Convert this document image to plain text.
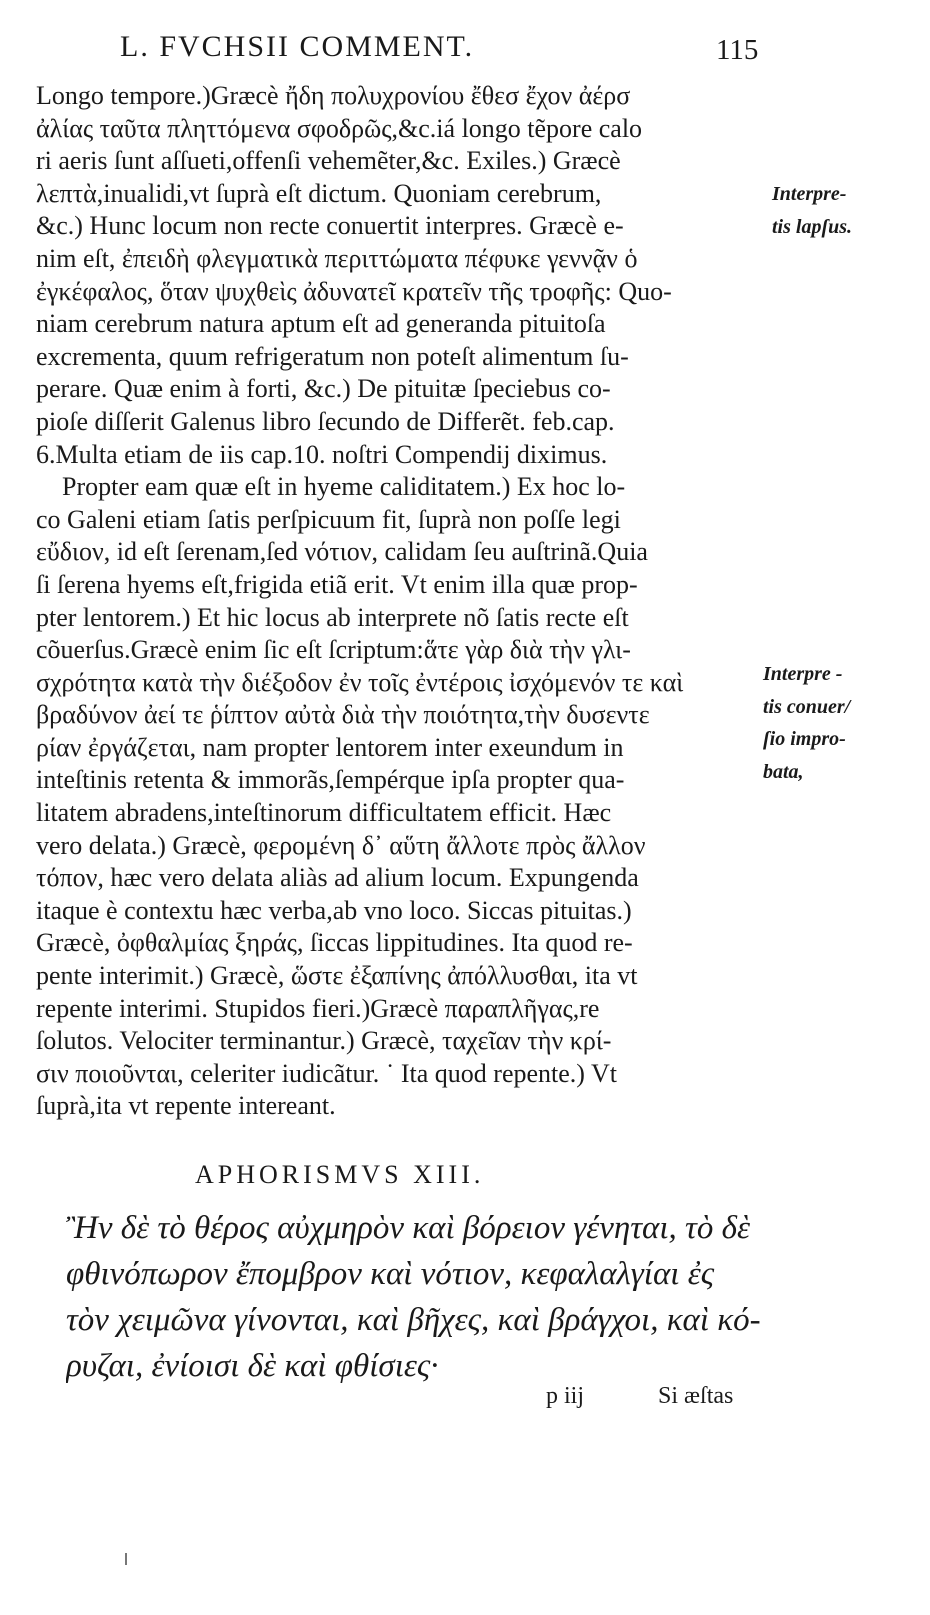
L. FVCHSII COMMENT.	115
Longo tempore.)Græcè ἤδη πολυχρονίου ἔθεσ ἔχον ἀέρσ
ἀλίας ταῦτα πληττόμενα σφοδρῶς,&c.iá longo tẽpore calo
ri aeris ſunt aſſueti,offenſi vehemẽter,&c. Exiles.) Græcè
λεπτὰ,inualidi,vt ſuprà eſt dictum. Quoniam cerebrum,
&c.) Hunc locum non recte conuertit interpres. Græcè e-
nim eſt, ἐπειδὴ φλεγματικὰ περιττώματα πέφυκε γεννᾷν ὁ
ἐγκέφαλος, ὅταν ψυχθεὶς ἀδυνατεῖ κρατεῖν τῆς τροφῆς: Quo-
niam cerebrum natura aptum eſt ad generanda pituitoſa
excrementa, quum refrigeratum non poteſt alimentum ſu-
perare. Quæ enim à forti, &c.) De pituitæ ſpeciebus co-
pioſe diſſerit Galenus libro ſecundo de Differẽt. feb.cap.
6.Multa etiam de iis cap.10. noſtri Compendij diximus.
Propter eam quæ eſt in hyeme caliditatem.) Ex hoc lo-
co Galeni etiam ſatis perſpicuum fit, ſuprà non poſſe legi
εὔδιον, id eſt ſerenam,ſed νότιον, calidam ſeu auſtrinã.Quia
ſi ſerena hyems eſt,frigida etiã erit. Vt enim illa quæ prop-
pter lentorem.) Et hic locus ab interprete nõ ſatis recte eſt
cõuerſus.Græcè enim ſic eſt ſcriptum:ἅτε γὰρ διὰ τὴν γλι-
σχρότητα κατὰ τὴν διέξοδον ἐν τοῖς ἐντέροις ἰσχόμενόν τε καὶ
βραδύνον ἀεί τε ῥίπτον αὐτὰ διὰ τὴν ποιότητα,τὴν δυσεντε
ρίαν ἐργάζεται, nam propter lentorem inter exeundum in
inteſtinis retenta & immorãs,ſempérque ipſa propter qua-
litatem abradens,inteſtinorum difficultatem efficit. Hæc
vero delata.) Græcè, φερομένη δ᾽ αὕτη ἄλλοτε πρὸς ἄλλον
τόπον, hæc vero delata aliàs ad alium locum. Expungenda
itaque è contextu hæc verba,ab vno loco. Siccas pituitas.)
Græcè, ὀφθαλμίας ξηράς, ſiccas lippitudines. Ita quod re-
pente interimit.) Græcè, ὥστε ἐξαπίνης ἀπόλλυσθαι, ita vt
repente interimi. Stupidos fieri.)Græcè παραπλῆγας,re
ſolutos. Velociter terminantur.) Græcè, ταχεῖαν τὴν κρί-
σιν ποιοῦνται, celeriter iudicãtur. ˙ Ita quod repente.) Vt
ſuprà,ita vt repente intereant.
Interpre-
tis lapſus.
Interpre -
tis conuer/
ſio impro-
bata,
APHORISMVS XIII.
Ἢν δὲ τὸ θέρος αὐχμηρὸν καὶ βόρειον γένηται, τὸ δὲ
φθινόπωρον ἔπομβρον καὶ νότιον, κεφαλαλγίαι ἐς
τὸν χειμῶνα γίνονται, καὶ βῆχες, καὶ βράγχοι, καὶ κό-
ρυζαι, ἐνίοισι δὲ καὶ φθίσιες·
p iij	Si æſtas
